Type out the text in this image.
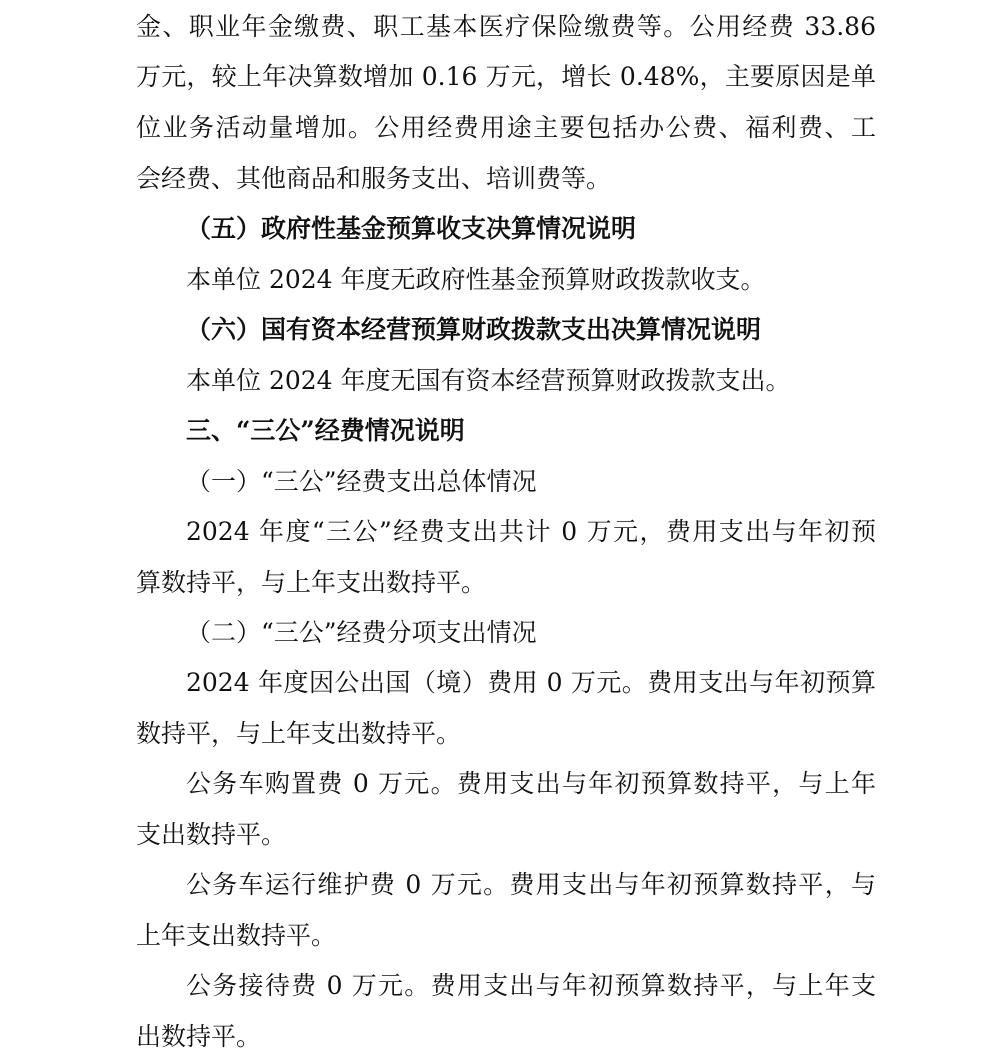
金、职业年金缴费、职工基本医疗保险缴费等。公用经费 33.86
万元，较上年决算数增加 0.16 万元，增长 0.48%，主要原因是单
位业务活动量增加。公用经费用途主要包括办公费、福利费、工
会经费、其他商品和服务支出、培训费等。
（五）政府性基金预算收支决算情况说明
本单位 2024 年度无政府性基金预算财政拨款收支。
（六）国有资本经营预算财政拨款支出决算情况说明
本单位 2024 年度无国有资本经营预算财政拨款支出。
三、“三公”经费情况说明
（一）“三公”经费支出总体情况
2024 年度“三公”经费支出共计 0 万元，费用支出与年初预
算数持平，与上年支出数持平。
（二）“三公”经费分项支出情况
2024 年度因公出国（境）费用 0 万元。费用支出与年初预算
数持平，与上年支出数持平。
公务车购置费 0 万元。费用支出与年初预算数持平，与上年
支出数持平。
公务车运行维护费 0 万元。费用支出与年初预算数持平，与
上年支出数持平。
公务接待费 0 万元。费用支出与年初预算数持平，与上年支
出数持平。
